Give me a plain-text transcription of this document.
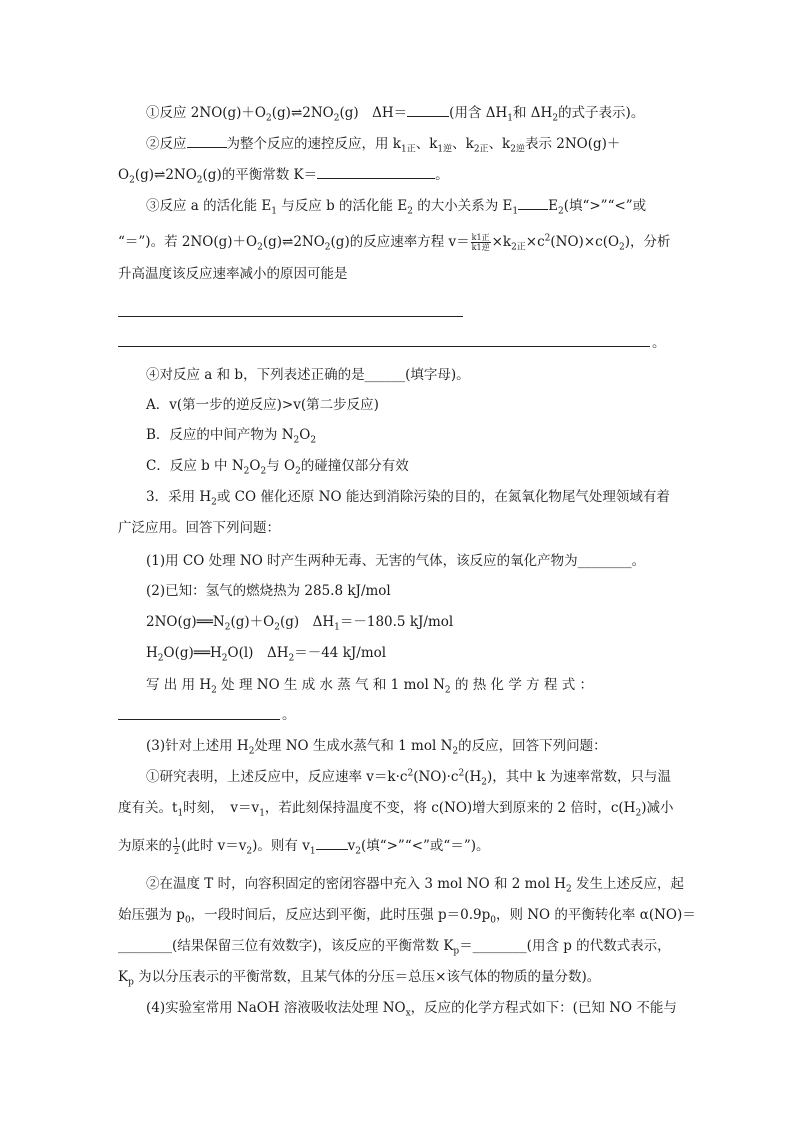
①反应 $2NO(g)+O_2(g)\rightleftharpoons 2NO_2(g)$　ΔH＝	(用含 $\Delta H_1$和 $\Delta H_2$的式子表示)。
②反应	为整个反应的速控反应，用 $k_{1正}$、$k_{1逆}$、$k_{2正}$、$k_{2逆}$表示 2NO(g)＋
$O_2(g)\rightleftharpoons 2NO_2(g)$的平衡常数 K＝	。
③反应 a 的活化能 $E_1$ 与反应 b 的活化能 $E_2$ 的大小关系为 $E_1$ $E_2$(填“>”“<”或
“＝”)。若 $2NO(g)+O_2(g)\rightleftharpoons 2NO_2(g)$的反应速率方程 $v= \frac{\text{k1正}}{\text{k1逆}} \times k_{2正}\times c^2(NO)\times c(O_2)$，分析
升高温度该反应速率减小的原因可能是
。
④对反应 a 和 b，下列表述正确的是______(填字母)。
A．v(第一步的逆反应)>v(第二步反应)
B．反应的中间产物为 $N_2O_2$
C．反应 b 中 $N_2O_2$与 $O_2$的碰撞仅部分有效
3．采用 $H_2$或 CO 催化还原 NO 能达到消除污染的目的，在氮氧化物尾气处理领域有着
广泛应用。回答下列问题：
(1)用 CO 处理 NO 时产生两种无毒、无害的气体，该反应的氧化产物为________。
(2)已知：氢气的燃烧热为 285.8 kJ/mol
$2NO(g)══N_2(g)+O_2(g)$　$\Delta H_1=-180.5$ kJ/mol
$H_2O(g)══H_2O(l)$　$\Delta H_2=-44$ kJ/mol
写 出 用 $H_2$ 处 理 NO 生 成 水 蒸 气 和 1 mol $N_2$ 的 热 化 学 方 程 式 ：
。
(3)针对上述用 $H_2$处理 NO 生成水蒸气和 1 mol $N_2$的反应，回答下列问题：
①研究表明，上述反应中，反应速率 $v=k\cdot c^2(NO)\cdot c^2(H_2)$，其中 k 为速率常数，只与温
度有关。$t_1$时刻，　$v=v_1$，若此刻保持温度不变，将 c(NO)增大到原来的 2 倍时，$c(H_2)$减小
为原来的 $\frac{1}{2}$ (此时 $v=v_2$)。则有 $v_1$ $v_2$(填“>”“<”或“＝”)。
②在温度 T 时，向容积固定的密闭容器中充入 3 mol NO 和 2 mol $H_2$ 发生上述反应，起
始压强为 $p_0$，一段时间后，反应达到平衡，此时压强 $p=0.9p_0$，则 NO 的平衡转化率 α(NO)＝
________(结果保留三位有效数字)，该反应的平衡常数 $K_p=\_\_\_\_\_\_\_\_$(用含 p 的代数式表示，
$K_p$ 为以分压表示的平衡常数，且某气体的分压＝总压×该气体的物质的量分数)。
(4)实验室常用 NaOH 溶液吸收法处理 $NO_x$，反应的化学方程式如下：(已知 NO 不能与
